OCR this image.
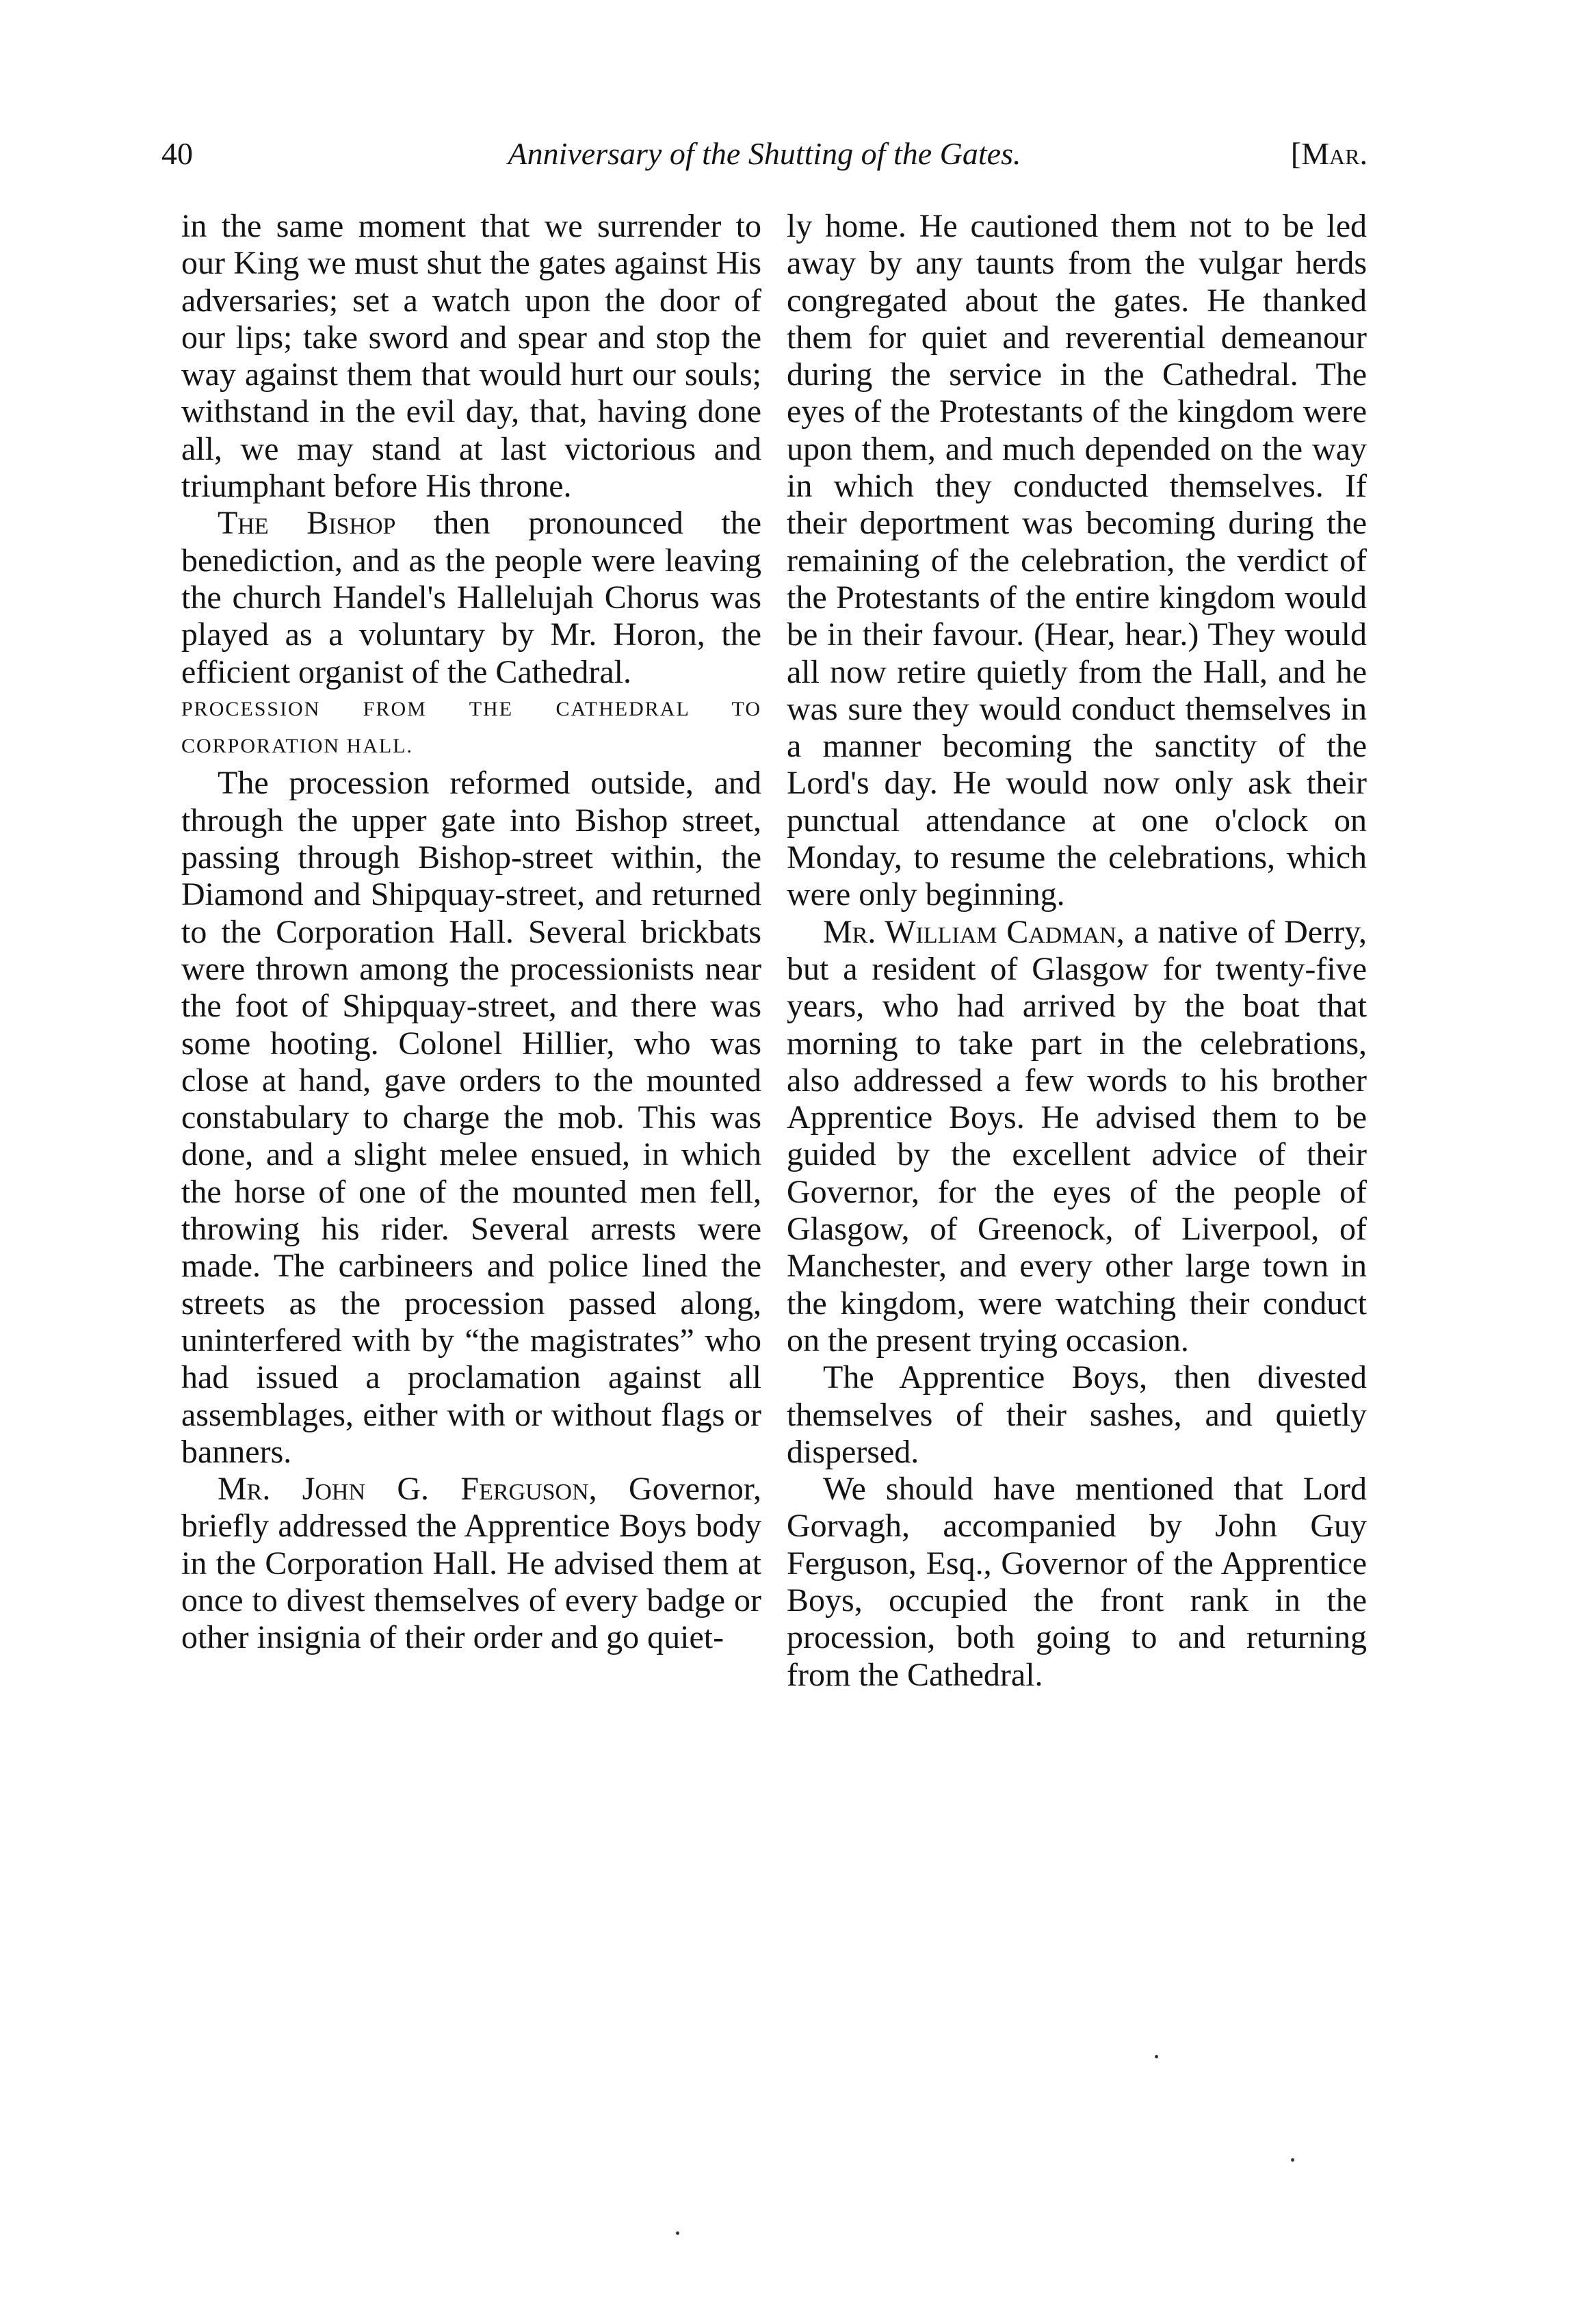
40	Anniversary of the Shutting of the Gates.	[Mar.

in the same moment that we surrender to our King we must shut the gates against His adversaries; set a watch upon the door of our lips; take sword and spear and stop the way against them that would hurt our souls; withstand in the evil day, that, having done all, we may stand at last victorious and triumphant before His throne.

The Bishop then pronounced the benediction, and as the people were leaving the church Handel's Hallelujah Chorus was played as a voluntary by Mr. Horon, the efficient organist of the Cathedral.

PROCESSION FROM THE CATHEDRAL TO CORPORATION HALL.

The procession reformed outside, and through the upper gate into Bishop street, passing through Bishop-street within, the Diamond and Shipquay-street, and returned to the Corporation Hall. Several brickbats were thrown among the processionists near the foot of Shipquay-street, and there was some hooting. Colonel Hillier, who was close at hand, gave orders to the mounted constabulary to charge the mob. This was done, and a slight melee ensued, in which the horse of one of the mounted men fell, throwing his rider. Several arrests were made. The carbineers and police lined the streets as the procession passed along, uninterfered with by “the magistrates” who had issued a proclamation against all assemblages, either with or without flags or banners.

Mr. John G. Ferguson, Governor, briefly addressed the Apprentice Boys body in the Corporation Hall. He advised them at once to divest themselves of every badge or other insignia of their order and go quiet-

ly home. He cautioned them not to be led away by any taunts from the vulgar herds congregated about the gates. He thanked them for quiet and reverential demeanour during the service in the Cathedral. The eyes of the Protestants of the kingdom were upon them, and much depended on the way in which they conducted themselves. If their deportment was becoming during the remaining of the celebration, the verdict of the Protestants of the entire kingdom would be in their favour. (Hear, hear.) They would all now retire quietly from the Hall, and he was sure they would conduct themselves in a manner becoming the sanctity of the Lord's day. He would now only ask their punctual attendance at one o'clock on Monday, to resume the celebrations, which were only beginning.

Mr. William Cadman, a native of Derry, but a resident of Glasgow for twenty-five years, who had arrived by the boat that morning to take part in the celebrations, also addressed a few words to his brother Apprentice Boys. He advised them to be guided by the excellent advice of their Governor, for the eyes of the people of Glasgow, of Greenock, of Liverpool, of Manchester, and every other large town in the kingdom, were watching their conduct on the present trying occasion.

The Apprentice Boys, then divested themselves of their sashes, and quietly dispersed.

We should have mentioned that Lord Gorvagh, accompanied by John Guy Ferguson, Esq., Governor of the Apprentice Boys, occupied the front rank in the procession, both going to and returning from the Cathedral.
